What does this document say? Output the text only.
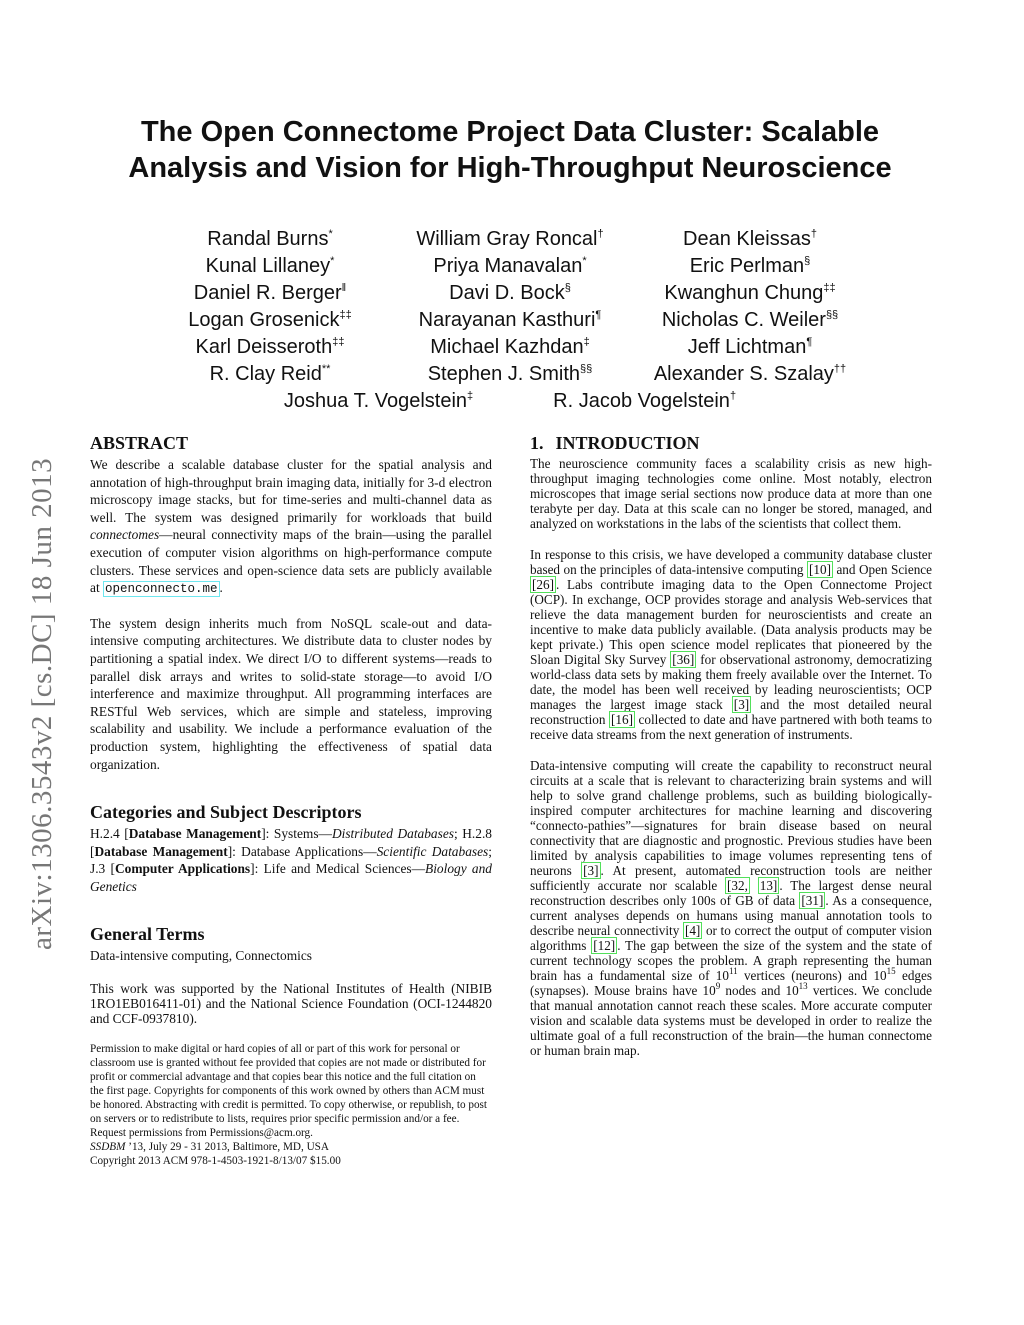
arXiv:1306.3543v2 [cs.DC] 18 Jun 2013
The Open Connectome Project Data Cluster: Scalable
Analysis and Vision for High-Throughput Neuroscience
Randal Burns*	William Gray Roncal†	Dean Kleissas†
Kunal Lillaney*	Priya Manavalan*	Eric Perlman§
Daniel R. Berger‖	Davi D. Bock§	Kwanghun Chung‡‡
Logan Grosenick‡‡	Narayanan Kasthuri¶	Nicholas C. Weiler§§
Karl Deisseroth‡‡	Michael Kazhdan‡	Jeff Lichtman¶
R. Clay Reid**	Stephen J. Smith§§	Alexander S. Szalay††
Joshua T. Vogelstein‡	R. Jacob Vogelstein†
ABSTRACT

We describe a scalable database cluster for the spatial analysis and annotation of high-throughput brain imaging data, initially for 3-d electron microscopy image stacks, but for time-series and multi-channel data as well. The system was designed primarily for workloads that build connectomes—neural connectivity maps of the brain—using the parallel execution of computer vision algorithms on high-performance compute clusters. These services and open-science data sets are publicly available at openconnecto.me .

The system design inherits much from NoSQL scale-out and data-intensive computing architectures. We distribute data to cluster nodes by partitioning a spatial index. We direct I/O to different systems—reads to parallel disk arrays and writes to solid-state storage—to avoid I/O interference and maximize throughput. All programming interfaces are RESTful Web services, which are simple and stateless, improving scalability and usability. We include a performance evaluation of the production system, highlighting the effectiveness of spatial data organization.

Categories and Subject Descriptors

H.2.4 [Database Management]: Systems—Distributed Databases; H.2.8 [Database Management]: Database Applications—Scientific Databases; J.3 [Computer Applications]: Life and Medical Sciences—Biology and Genetics

General Terms

Data-intensive computing, Connectomics

This work was supported by the National Institutes of Health (NIBIB 1RO1EB016411-01) and the National Science Foundation (OCI-1244820 and CCF-0937810).

Permission to make digital or hard copies of all or part of this work for personal or classroom use is granted without fee provided that copies are not made or distributed for profit or commercial advantage and that copies bear this notice and the full citation on the first page. Copyrights for components of this work owned by others than ACM must be honored. Abstracting with credit is permitted. To copy otherwise, or republish, to post on servers or to redistribute to lists, requires prior specific permission and/or a fee. Request permissions from Permissions@acm.org.

SSDBM ’13, July 29 - 31 2013, Baltimore, MD, USA

Copyright 2013 ACM 978-1-4503-1921-8/13/07 $15.00

1. INTRODUCTION

The neuroscience community faces a scalability crisis as new high-throughput imaging technologies come online. Most notably, electron microscopes that image serial sections now produce data at more than one terabyte per day. Data at this scale can no longer be stored, managed, and analyzed on workstations in the labs of the scientists that collect them.

In response to this crisis, we have developed a community database cluster based on the principles of data-intensive computing [10] and Open Science [26] . Labs contribute imaging data to the Open Connectome Project (OCP). In exchange, OCP provides storage and analysis Web-services that relieve the data management burden for neuroscientists and create an incentive to make data publicly available. (Data analysis products may be kept private.) This open science model replicates that pioneered by the Sloan Digital Sky Survey [36] for observational astronomy, democratizing world-class data sets by making them freely available over the Internet. To date, the model has been well received by leading neuroscientists; OCP manages the largest image stack [3] and the most detailed neural reconstruction [16] collected to date and have partnered with both teams to receive data streams from the next generation of instruments.

Data-intensive computing will create the capability to reconstruct neural circuits at a scale that is relevant to characterizing brain systems and will help to solve grand challenge problems, such as building biologically-inspired computer architectures for machine learning and discovering “connecto-pathies”—signatures for brain disease based on neural connectivity that are diagnostic and prognostic. Previous studies have been limited by analysis capabilities to image volumes representing tens of neurons [3] . At present, automated reconstruction tools are neither sufficiently accurate nor scalable [32, 13] . The largest dense neural reconstruction describes only 100s of GB of data [31] . As a consequence, current analyses depends on humans using manual annotation tools to describe neural connectivity [4] or to correct the output of computer vision algorithms [12] . The gap between the size of the system and the state of current technology scopes the problem. A graph representing the human brain has a fundamental size of $10^{11}$ vertices (neurons) and $10^{15}$ edges (synapses). Mouse brains have $10^9$ nodes and $10^{13}$ vertices. We conclude that manual annotation cannot reach these scales. More accurate computer vision and scalable data systems must be developed in order to realize the ultimate goal of a full reconstruction of the brain—the human connectome or human brain map.
